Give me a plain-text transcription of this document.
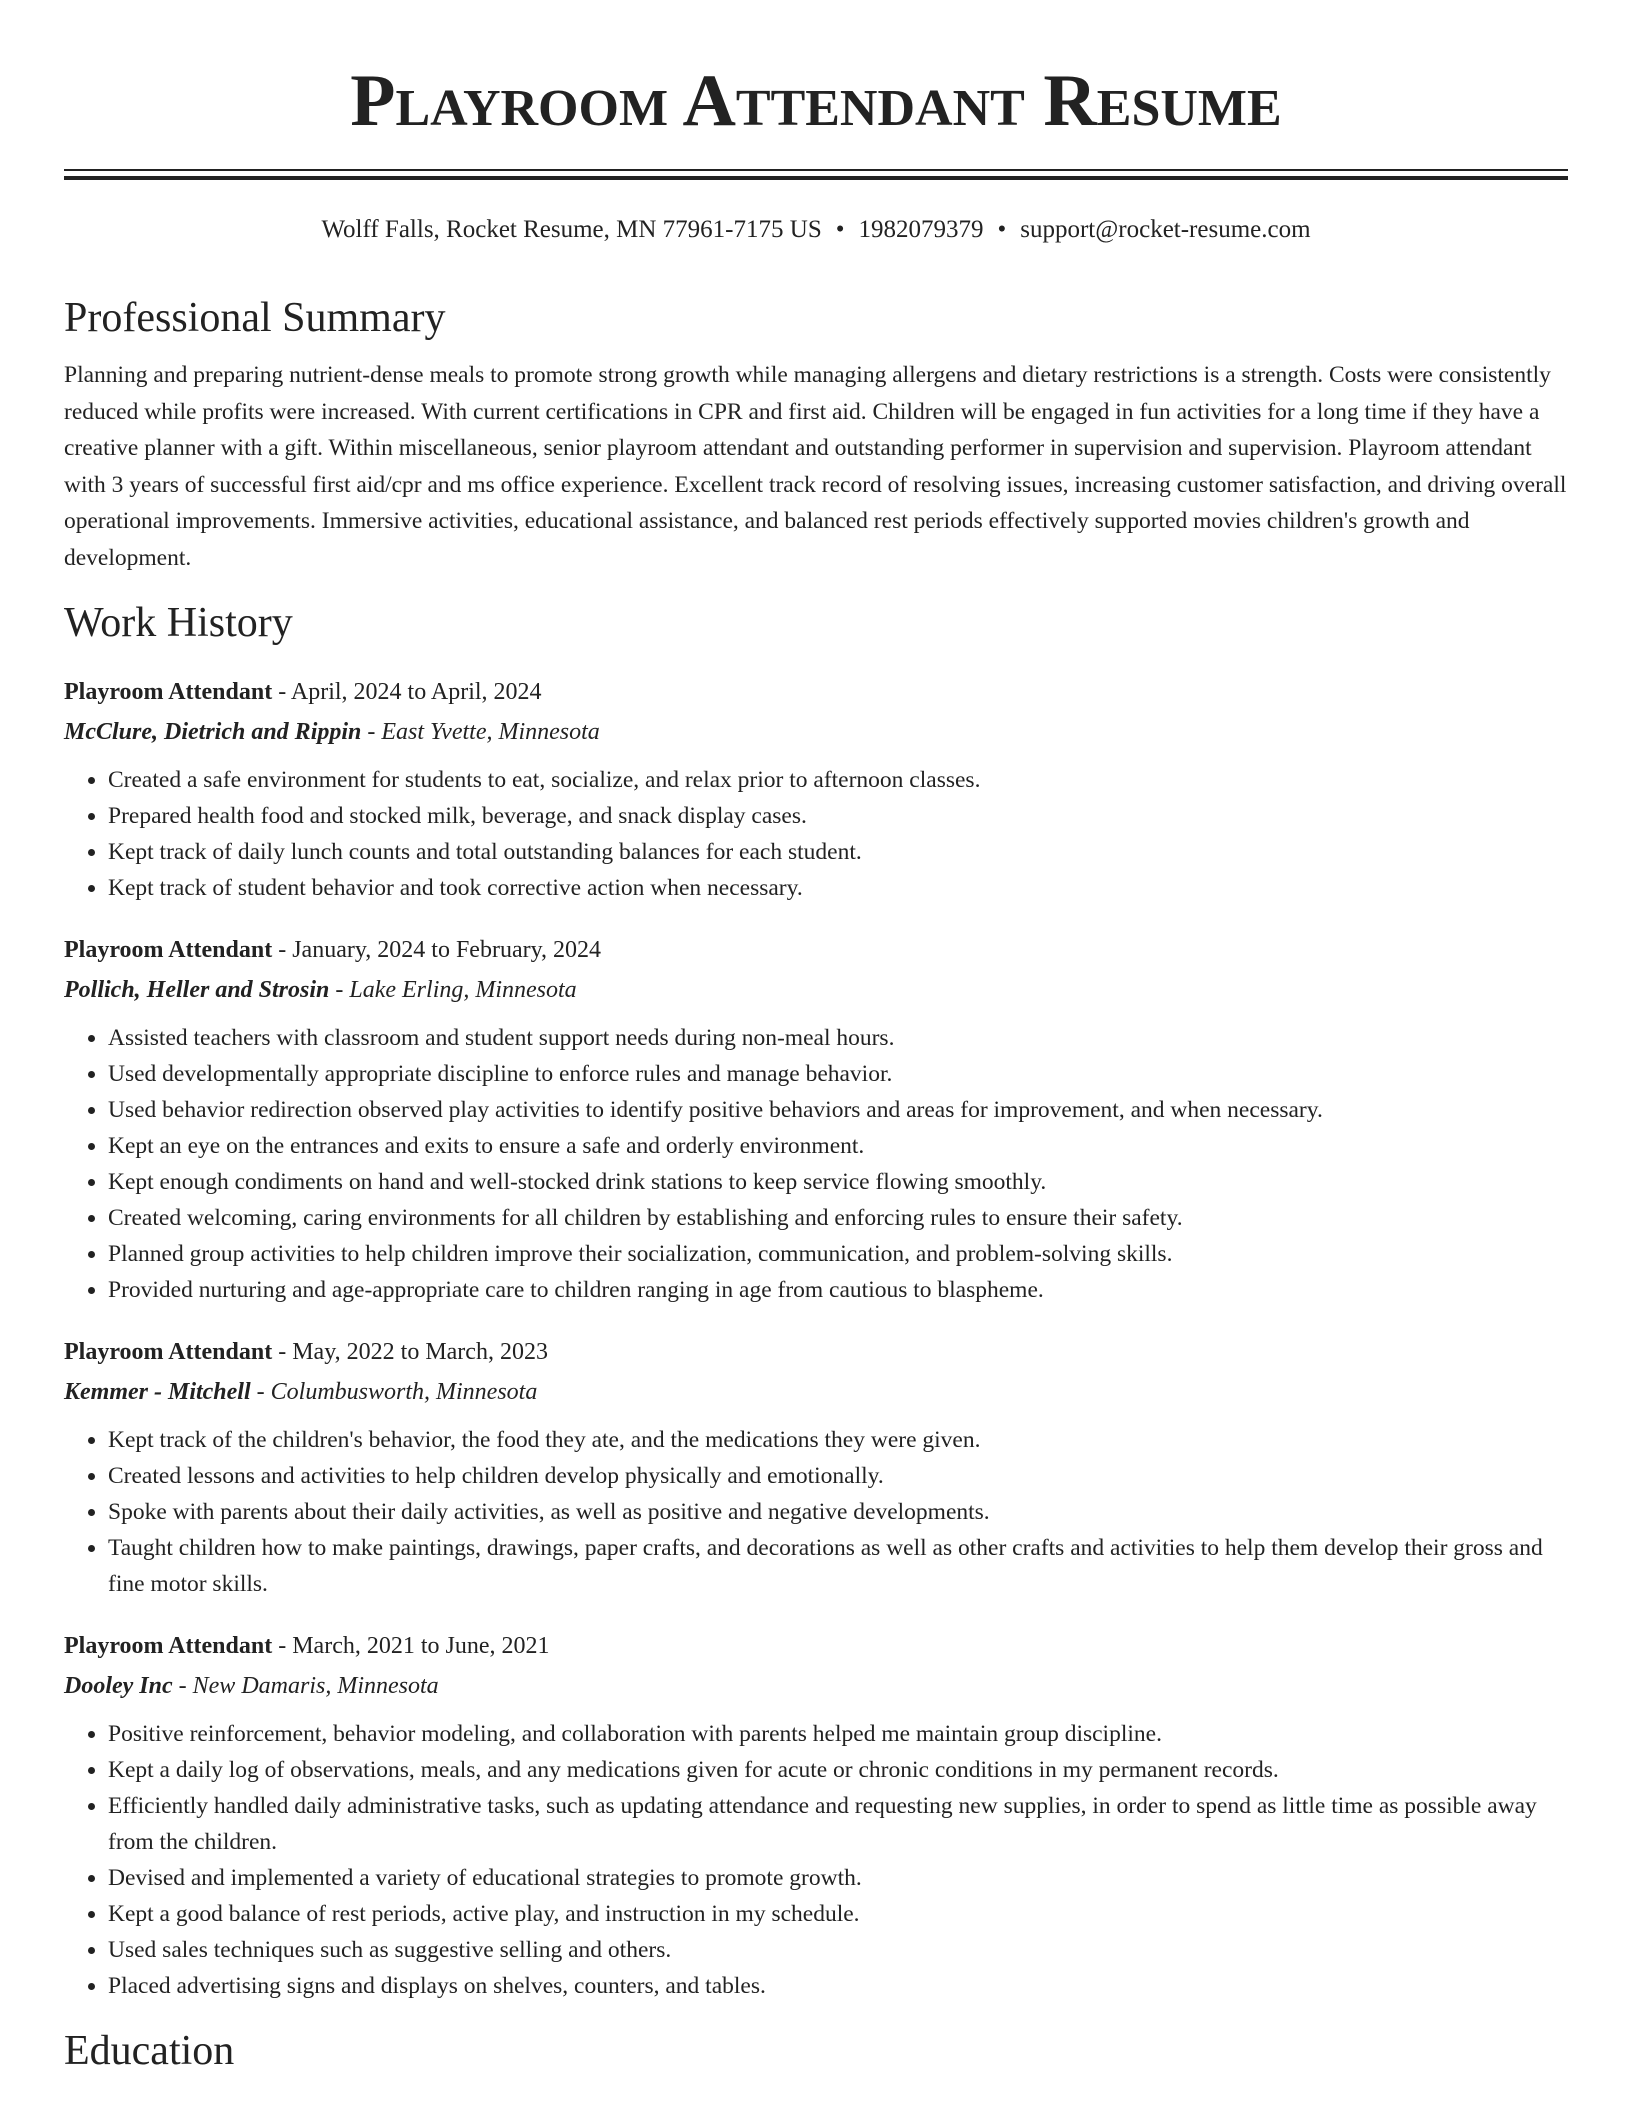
Playroom Attendant Resume
Wolff Falls, Rocket Resume, MN 77961-7175 US • 1982079379 • support@rocket-resume.com
Professional Summary

Planning and preparing nutrient-dense meals to promote strong growth while managing allergens and dietary restrictions is a strength. Costs were consistently reduced while profits were increased. With current certifications in CPR and first aid. Children will be engaged in fun activities for a long time if they have a creative planner with a gift. Within miscellaneous, senior playroom attendant and outstanding performer in supervision and supervision. Playroom attendant with 3 years of successful first aid/cpr and ms office experience. Excellent track record of resolving issues, increasing customer satisfaction, and driving overall operational improvements. Immersive activities, educational assistance, and balanced rest periods effectively supported movies children's growth and development.

Work History
Playroom Attendant - April, 2024 to April, 2024
McClure, Dietrich and Rippin - East Yvette, Minnesota
• Created a safe environment for students to eat, socialize, and relax prior to afternoon classes.
• Prepared health food and stocked milk, beverage, and snack display cases.
• Kept track of daily lunch counts and total outstanding balances for each student.
• Kept track of student behavior and took corrective action when necessary.
Playroom Attendant - January, 2024 to February, 2024
Pollich, Heller and Strosin - Lake Erling, Minnesota
• Assisted teachers with classroom and student support needs during non-meal hours.
• Used developmentally appropriate discipline to enforce rules and manage behavior.
• Used behavior redirection observed play activities to identify positive behaviors and areas for improvement, and when necessary.
• Kept an eye on the entrances and exits to ensure a safe and orderly environment.
• Kept enough condiments on hand and well-stocked drink stations to keep service flowing smoothly.
• Created welcoming, caring environments for all children by establishing and enforcing rules to ensure their safety.
• Planned group activities to help children improve their socialization, communication, and problem-solving skills.
• Provided nurturing and age-appropriate care to children ranging in age from cautious to blaspheme.
Playroom Attendant - May, 2022 to March, 2023
Kemmer - Mitchell - Columbusworth, Minnesota
• Kept track of the children's behavior, the food they ate, and the medications they were given.
• Created lessons and activities to help children develop physically and emotionally.
• Spoke with parents about their daily activities, as well as positive and negative developments.
• Taught children how to make paintings, drawings, paper crafts, and decorations as well as other crafts and activities to help them develop their gross and fine motor skills.
Playroom Attendant - March, 2021 to June, 2021
Dooley Inc - New Damaris, Minnesota
• Positive reinforcement, behavior modeling, and collaboration with parents helped me maintain group discipline.
• Kept a daily log of observations, meals, and any medications given for acute or chronic conditions in my permanent records.
• Efficiently handled daily administrative tasks, such as updating attendance and requesting new supplies, in order to spend as little time as possible away from the children.
• Devised and implemented a variety of educational strategies to promote growth.
• Kept a good balance of rest periods, active play, and instruction in my schedule.
• Used sales techniques such as suggestive selling and others.
• Placed advertising signs and displays on shelves, counters, and tables.
Education
